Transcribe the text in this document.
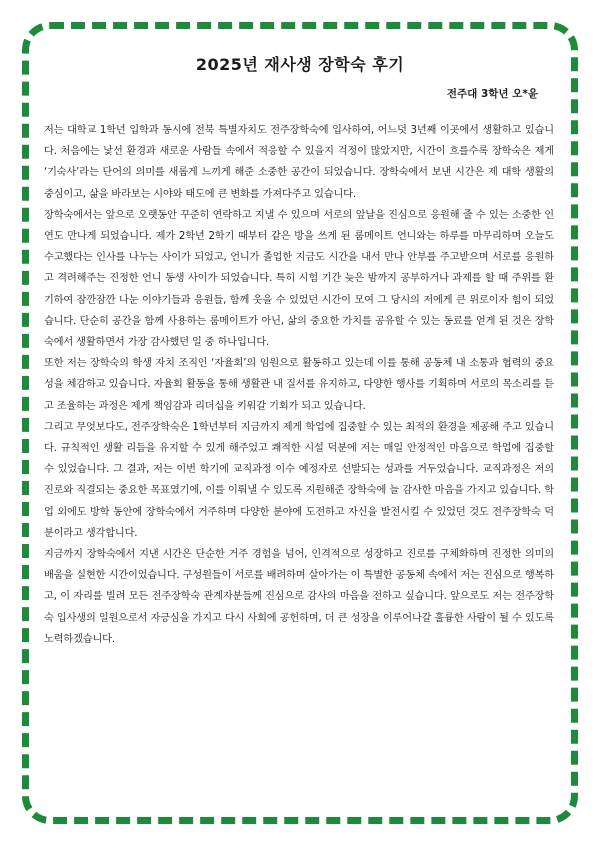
2025년 재사생 장학숙 후기
전주대 3학년 오*윤

저는 대학교 1학년 입학과 동시에 전북 특별자치도 전주장학숙에 입사하여, 어느덧 3년째 이곳에서 생활하고 있습니다. 처음에는 낯선 환경과 새로운 사람들 속에서 적응할 수 있을지 걱정이 많았지만, 시간이 흐를수록 장학숙은 제게 ‘기숙사’라는 단어의 의미를 새롭게 느끼게 해준 소중한 공간이 되었습니다. 장학숙에서 보낸 시간은 제 대학 생활의 중심이고, 삶을 바라보는 시야와 태도에 큰 변화를 가져다주고 있습니다.

장학숙에서는 앞으로 오랫동안 꾸준히 연락하고 지낼 수 있으며 서로의 앞날을 진심으로 응원해 줄 수 있는 소중한 인연도 만나게 되었습니다. 제가 2학년 2학기 때부터 같은 방을 쓰게 된 룸메이트 언니와는 하루를 마무리하며 오늘도 수고했다는 인사를 나누는 사이가 되었고, 언니가 졸업한 지금도 시간을 내서 만나 안부를 주고받으며 서로를 응원하고 격려해주는 진정한 언니 동생 사이가 되었습니다. 특히 시험 기간 늦은 밤까지 공부하거나 과제를 할 때 주위를 환기하여 잠깐잠깐 나눈 이야기들과 응원들, 함께 웃을 수 있었던 시간이 모여 그 당시의 저에게 큰 위로이자 힘이 되었습니다. 단순히 공간을 함께 사용하는 룸메이트가 아닌, 삶의 중요한 가치를 공유할 수 있는 동료를 얻게 된 것은 장학숙에서 생활하면서 가장 감사했던 일 중 하나입니다.

또한 저는 장학숙의 학생 자치 조직인 ‘자율회’의 임원으로 활동하고 있는데 이를 통해 공동체 내 소통과 협력의 중요성을 체감하고 있습니다. 자율회 활동을 통해 생활관 내 질서를 유지하고, 다양한 행사를 기획하며 서로의 목소리를 듣고 조율하는 과정은 제게 책임감과 리더십을 키워갈 기회가 되고 있습니다.

그리고 무엇보다도, 전주장학숙은 1학년부터 지금까지 제게 학업에 집중할 수 있는 최적의 환경을 제공해 주고 있습니다. 규칙적인 생활 리듬을 유지할 수 있게 해주었고 쾌적한 시설 덕분에 저는 매일 안정적인 마음으로 학업에 집중할 수 있었습니다. 그 결과, 저는 이번 학기에 교직과정 이수 예정자로 선발되는 성과를 거두었습니다. 교직과정은 저의 진로와 직결되는 중요한 목표였기에, 이를 이뤄낼 수 있도록 지원해준 장학숙에 늘 감사한 마음을 가지고 있습니다. 학업 외에도 방학 동안에 장학숙에서 거주하며 다양한 분야에 도전하고 자신을 발전시킬 수 있었던 것도 전주장학숙 덕분이라고 생각합니다.

지금까지 장학숙에서 지낸 시간은 단순한 거주 경험을 넘어, 인격적으로 성장하고 진로를 구체화하며 진정한 의미의 배움을 실현한 시간이었습니다. 구성원들이 서로를 배려하며 살아가는 이 특별한 공동체 속에서 저는 진심으로 행복하고, 이 자리를 빌려 모든 전주장학숙 관계자분들께 진심으로 감사의 마음을 전하고 싶습니다. 앞으로도 저는 전주장학숙 입사생의 일원으로서 자긍심을 가지고 다시 사회에 공헌하며, 더 큰 성장을 이루어나갈 훌륭한 사람이 될 수 있도록 노력하겠습니다.
